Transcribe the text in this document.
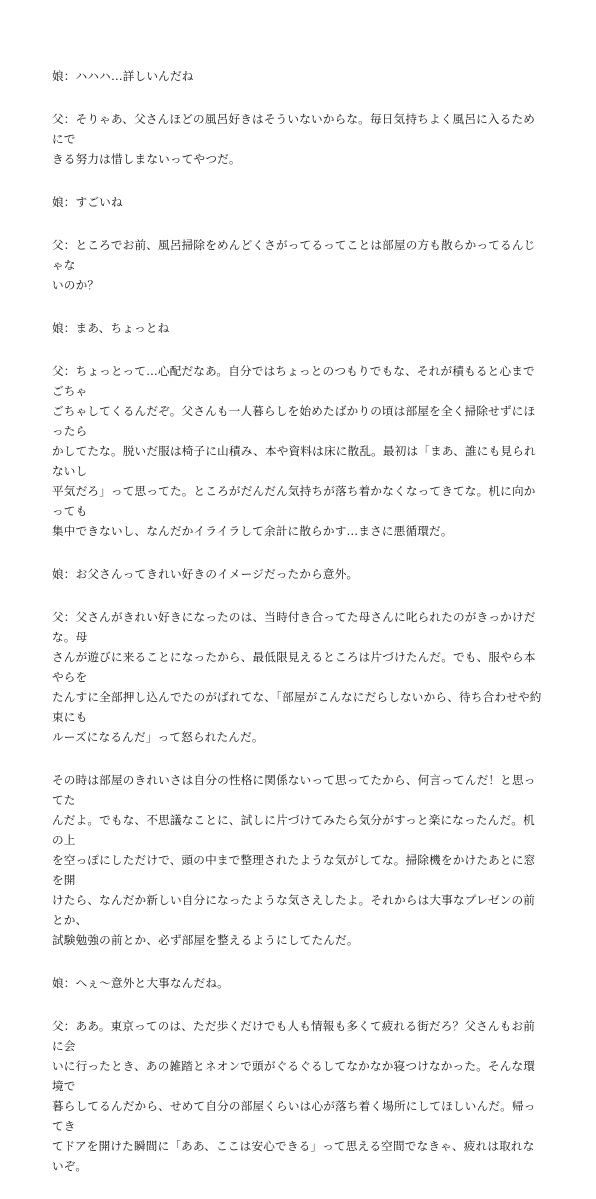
娘：ハハハ…詳しいんだね

父：そりゃあ、父さんほどの風呂好きはそういないからな。毎日気持ちよく風呂に入るためにで
きる努力は惜しまないってやつだ。

娘：すごいね

父：ところでお前、風呂掃除をめんどくさがってるってことは部屋の方も散らかってるんじゃな
いのか？

娘：まあ、ちょっとね

父：ちょっとって…心配だなあ。自分ではちょっとのつもりでもな、それが積もると心までごちゃ
ごちゃしてくるんだぞ。父さんも一人暮らしを始めたばかりの頃は部屋を全く掃除せずにほったら
かしてたな。脱いだ服は椅子に山積み、本や資料は床に散乱。最初は「まあ、誰にも見られないし
平気だろ」って思ってた。ところがだんだん気持ちが落ち着かなくなってきてな。机に向かっても
集中できないし、なんだかイライラして余計に散らかす…まさに悪循環だ。

娘：お父さんってきれい好きのイメージだったから意外。

父：父さんがきれい好きになったのは、当時付き合ってた母さんに叱られたのがきっかけだな。母
さんが遊びに来ることになったから、最低限見えるところは片づけたんだ。でも、服やら本やらを
たんすに全部押し込んでたのがばれてな、「部屋がこんなにだらしないから、待ち合わせや約束にも
ルーズになるんだ」って怒られたんだ。

その時は部屋のきれいさは自分の性格に関係ないって思ってたから、何言ってんだ！と思ってた
んだよ。でもな、不思議なことに、試しに片づけてみたら気分がすっと楽になったんだ。机の上
を空っぽにしただけで、頭の中まで整理されたような気がしてな。掃除機をかけたあとに窓を開
けたら、なんだか新しい自分になったような気さえしたよ。それからは大事なプレゼンの前とか、
試験勉強の前とか、必ず部屋を整えるようにしてたんだ。

娘：へぇ〜意外と大事なんだね。

父：ああ。東京ってのは、ただ歩くだけでも人も情報も多くて疲れる街だろ？父さんもお前に会
いに行ったとき、あの雑踏とネオンで頭がぐるぐるしてなかなか寝つけなかった。そんな環境で
暮らしてるんだから、せめて自分の部屋くらいは心が落ち着く場所にしてほしいんだ。帰ってき
てドアを開けた瞬間に「ああ、ここは安心できる」って思える空間でなきゃ、疲れは取れないぞ。
